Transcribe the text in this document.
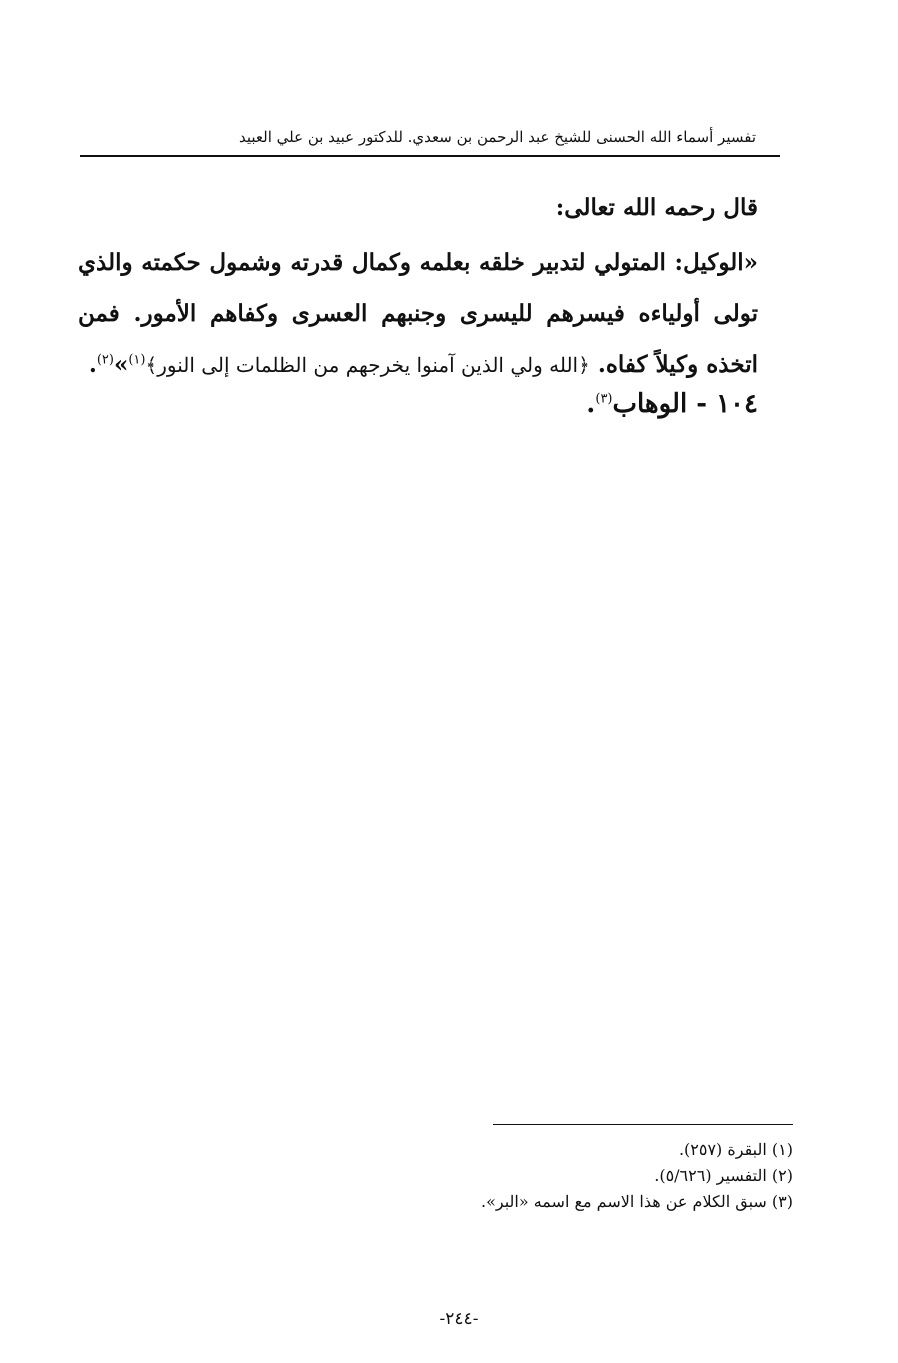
تفسير أسماء الله الحسنى للشيخ عبد الرحمن بن سعدي. للدكتور عبيد بن علي العبيد
قال رحمه الله تعالى:
«الوكيل: المتولي لتدبير خلقه بعلمه وكمال قدرته وشمول حكمته والذي تولى أولياءه فيسرهم لليسرى وجنبهم العسرى وكفاهم الأمور. فمن اتخذه وكيلاً كفاه. ﴿الله ولي الذين آمنوا يخرجهم من الظلمات إلى النور﴾$^{(١)}$»$^{(٢)}$.
١٠٤ - الوهاب$^{(٣)}$.
(١) البقرة (٢٥٧).
(٢) التفسير (٥/٦٢٦).
(٣) سبق الكلام عن هذا الاسم مع اسمه «البر».
-٢٤٤-
